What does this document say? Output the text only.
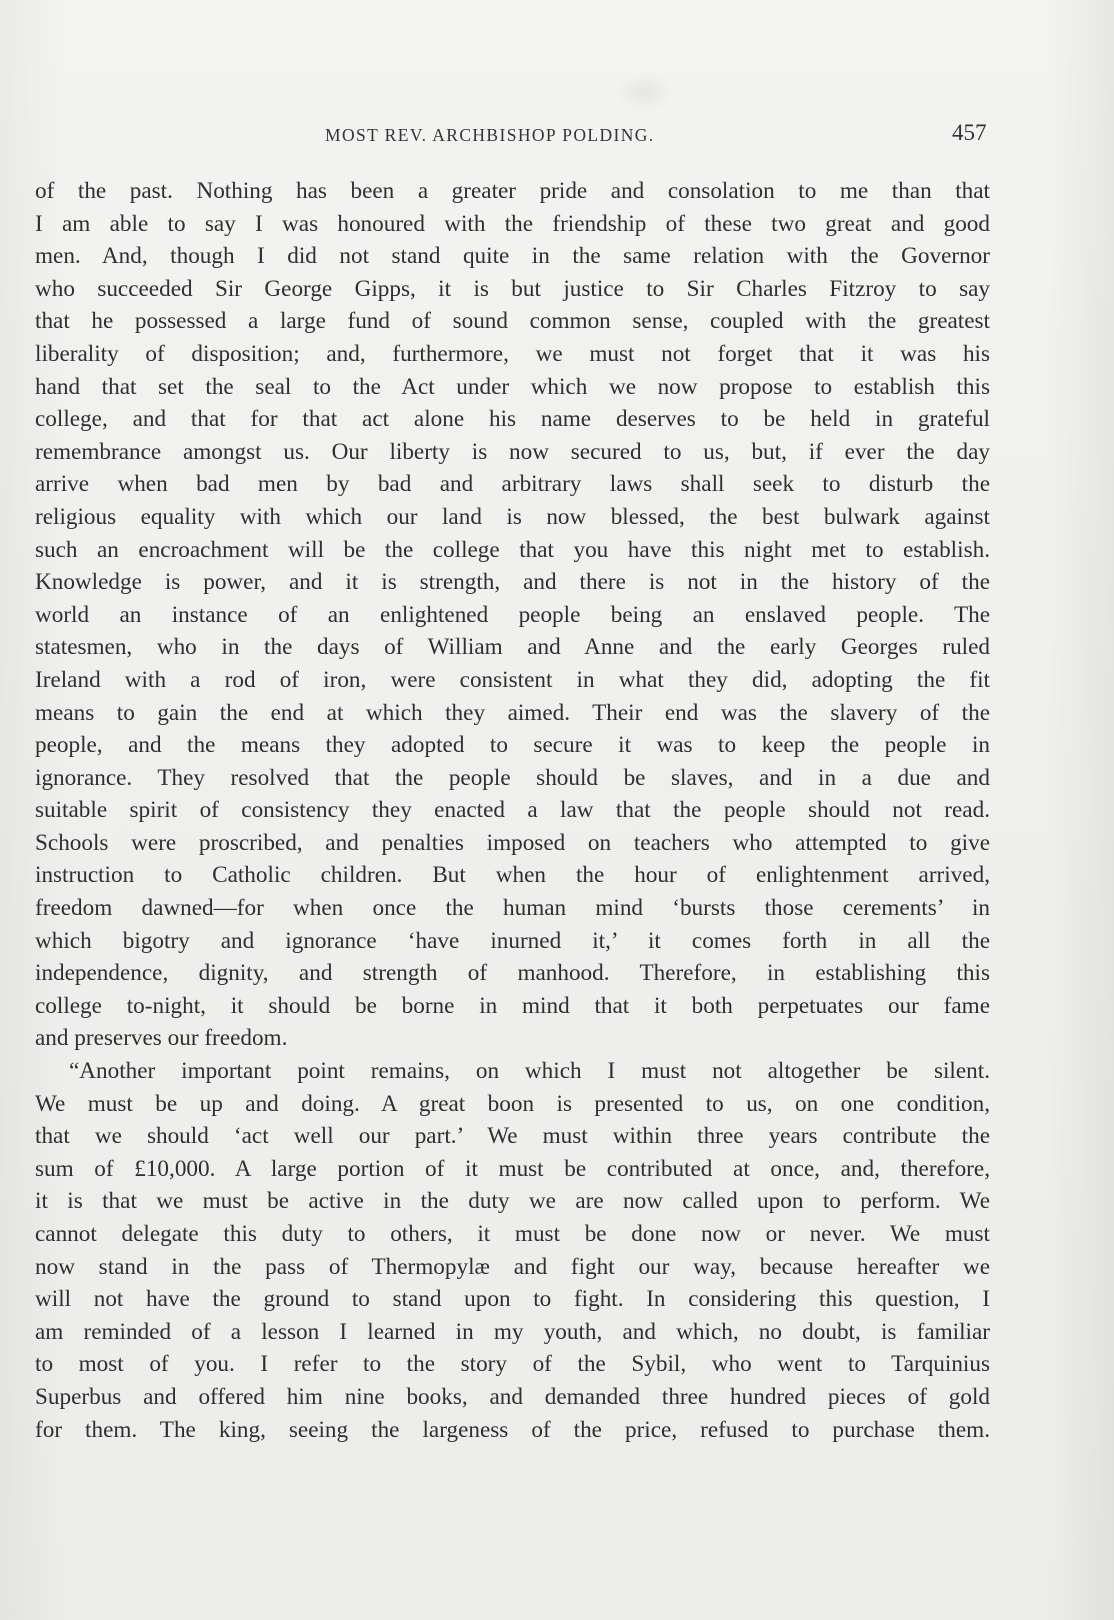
MOST REV. ARCHBISHOP POLDING.	457
of the past. Nothing has been a greater pride and consolation to me than that
I am able to say I was honoured with the friendship of these two great and good
men. And, though I did not stand quite in the same relation with the Governor
who succeeded Sir George Gipps, it is but justice to Sir Charles Fitzroy to say
that he possessed a large fund of sound common sense, coupled with the greatest
liberality of disposition; and, furthermore, we must not forget that it was his
hand that set the seal to the Act under which we now propose to establish this
college, and that for that act alone his name deserves to be held in grateful
remembrance amongst us. Our liberty is now secured to us, but, if ever the day
arrive when bad men by bad and arbitrary laws shall seek to disturb the
religious equality with which our land is now blessed, the best bulwark against
such an encroachment will be the college that you have this night met to establish.
Knowledge is power, and it is strength, and there is not in the history of the
world an instance of an enlightened people being an enslaved people. The
statesmen, who in the days of William and Anne and the early Georges ruled
Ireland with a rod of iron, were consistent in what they did, adopting the fit
means to gain the end at which they aimed. Their end was the slavery of the
people, and the means they adopted to secure it was to keep the people in
ignorance. They resolved that the people should be slaves, and in a due and
suitable spirit of consistency they enacted a law that the people should not read.
Schools were proscribed, and penalties imposed on teachers who attempted to give
instruction to Catholic children. But when the hour of enlightenment arrived,
freedom dawned—for when once the human mind ‘bursts those cerements’ in
which bigotry and ignorance ‘have inurned it,’ it comes forth in all the
independence, dignity, and strength of manhood. Therefore, in establishing this
college to-night, it should be borne in mind that it both perpetuates our fame
and preserves our freedom.
“Another important point remains, on which I must not altogether be silent.
We must be up and doing. A great boon is presented to us, on one condition,
that we should ‘act well our part.’ We must within three years contribute the
sum of £10,000. A large portion of it must be contributed at once, and, therefore,
it is that we must be active in the duty we are now called upon to perform. We
cannot delegate this duty to others, it must be done now or never. We must
now stand in the pass of Thermopylæ and fight our way, because hereafter we
will not have the ground to stand upon to fight. In considering this question, I
am reminded of a lesson I learned in my youth, and which, no doubt, is familiar
to most of you. I refer to the story of the Sybil, who went to Tarquinius
Superbus and offered him nine books, and demanded three hundred pieces of gold
for them. The king, seeing the largeness of the price, refused to purchase them.
